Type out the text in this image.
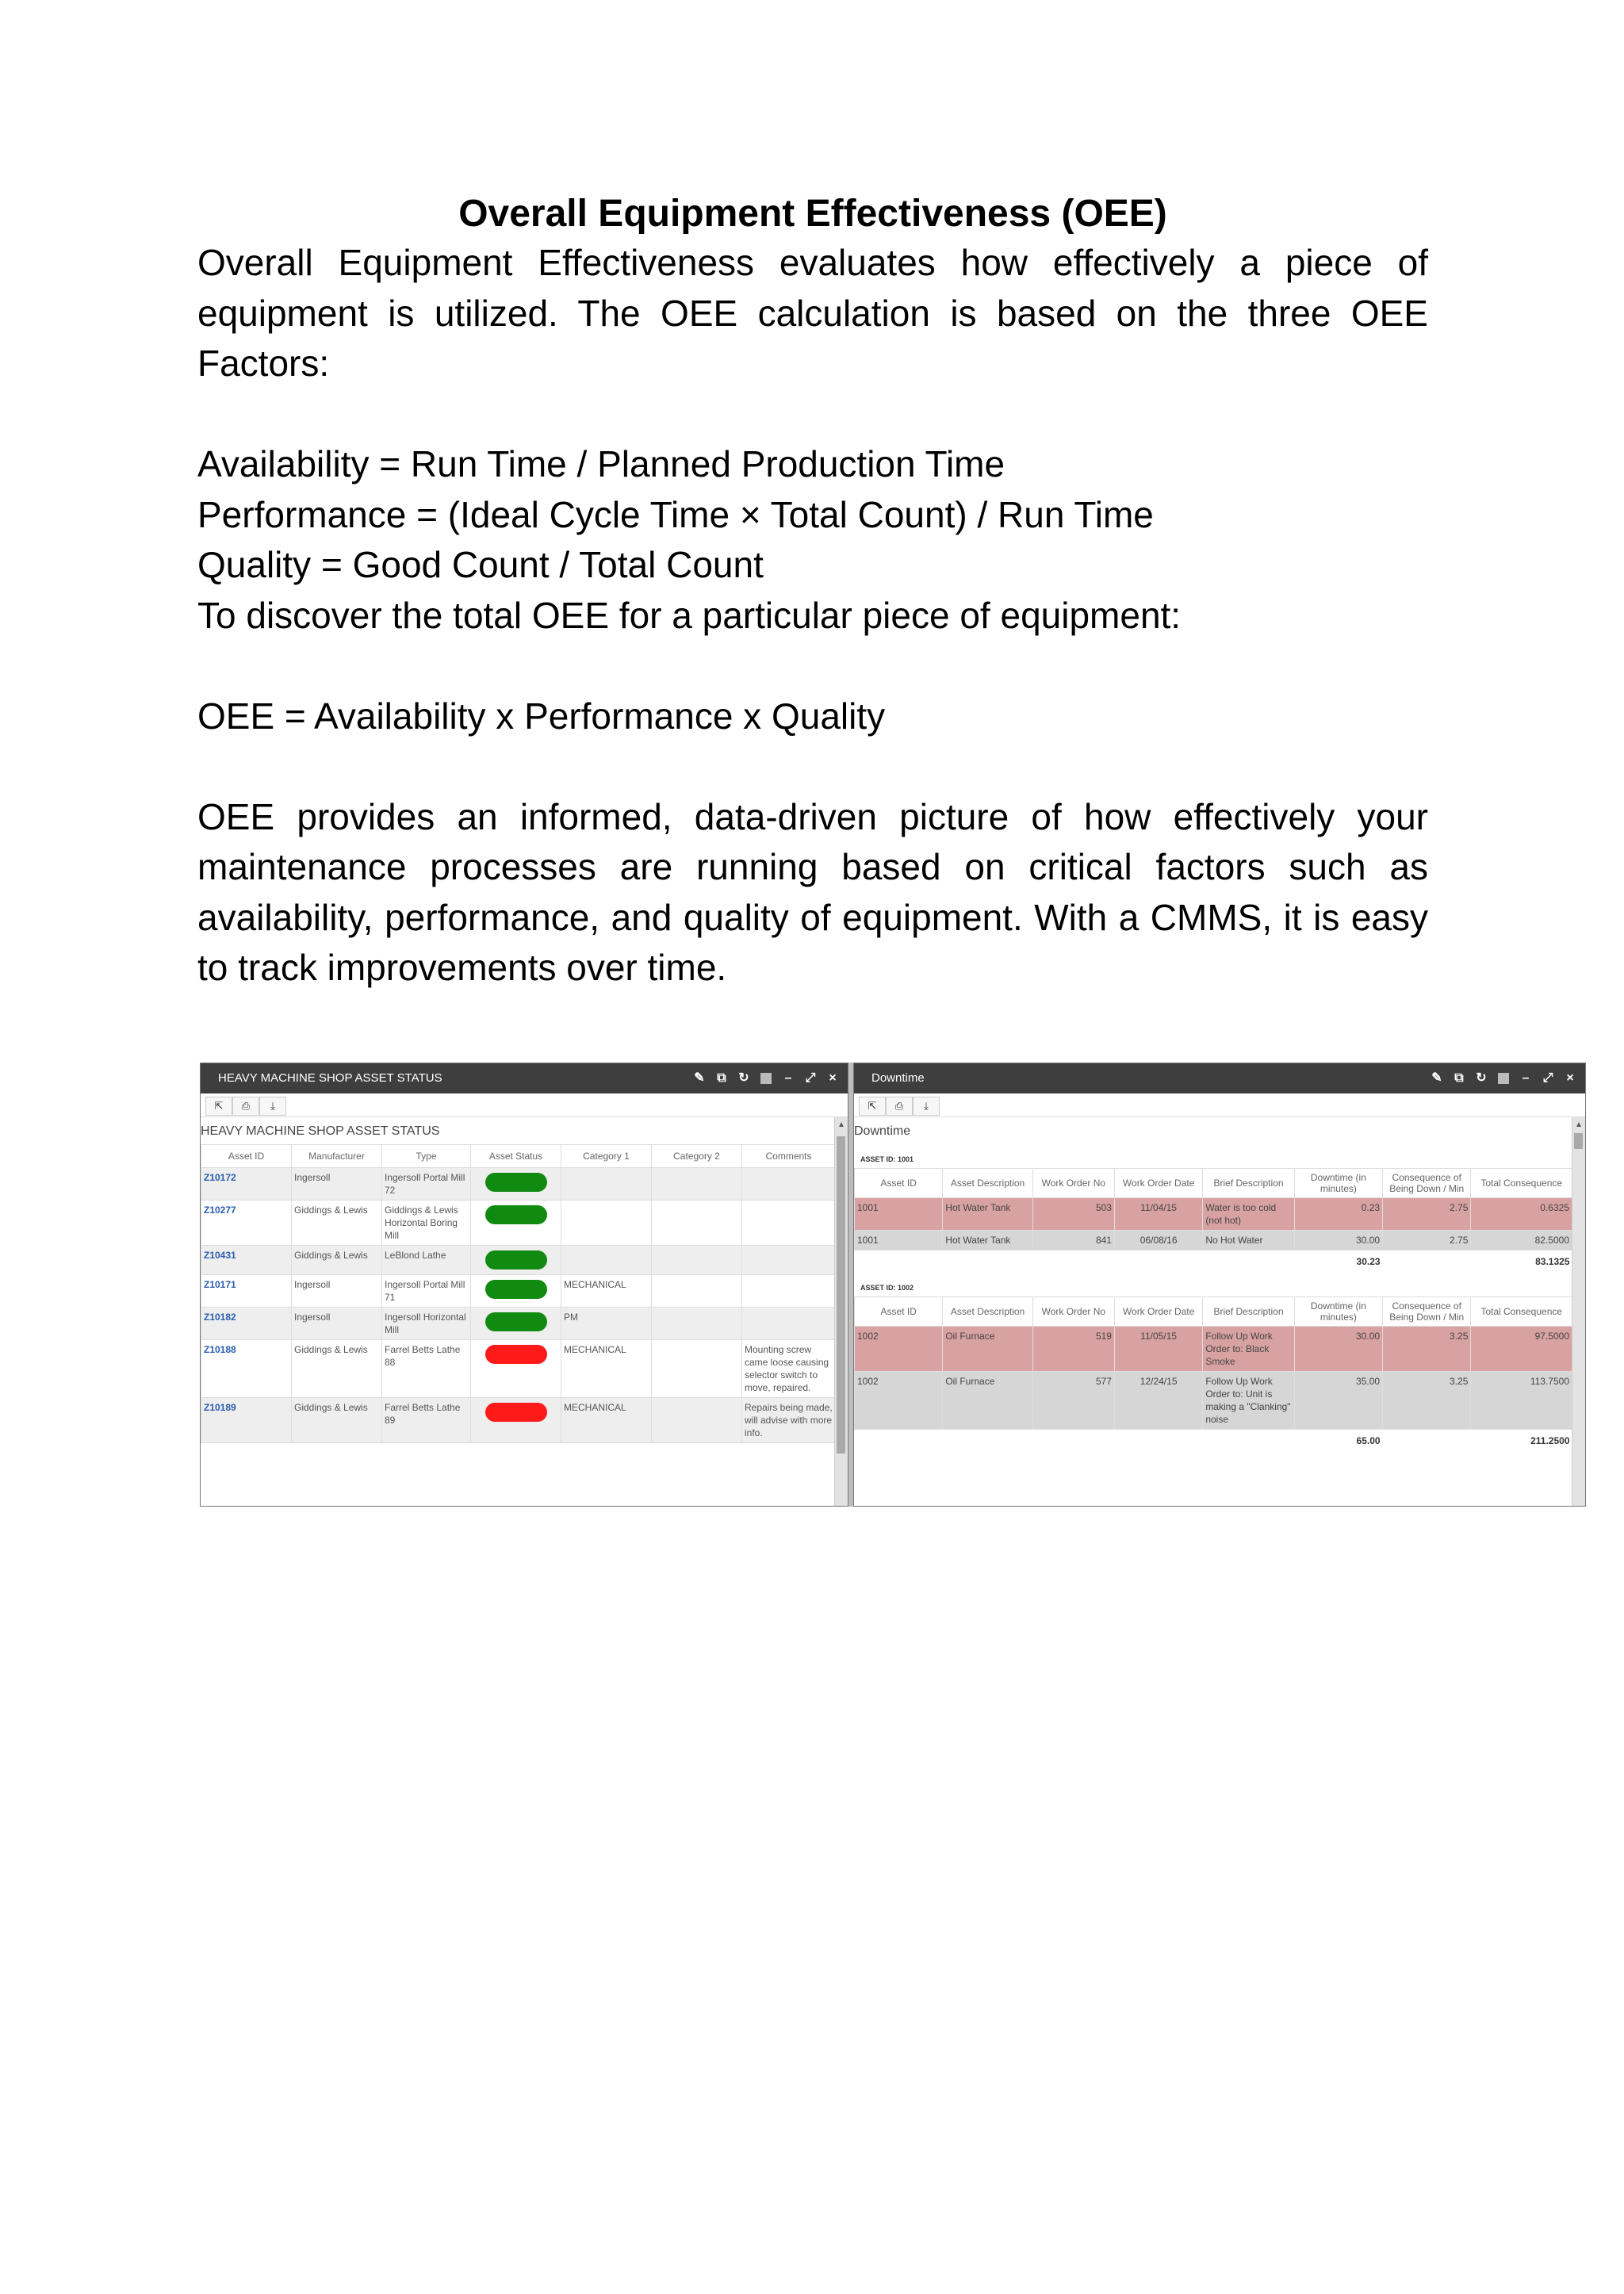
Overall Equipment Effectiveness (OEE)

Overall Equipment Effectiveness evaluates how effectively a piece of equipment is utilized. The OEE calculation is based on the three OEE Factors:

Availability = Run Time / Planned Production Time

Performance = (Ideal Cycle Time × Total Count) / Run Time

Quality = Good Count / Total Count

To discover the total OEE for a particular piece of equipment:

OEE = Availability x Performance x Quality

OEE provides an informed, data-driven picture of how effectively your maintenance processes are running based on critical factors such as availability, performance, and quality of equipment. With a CMMS, it is easy to track improvements over time.

HEAVY MACHINE SHOP ASSET STATUS	✎ ⧉ ↻	– ⤢ ×
⇱	⎙	⤓
HEAVY MACHINE SHOP ASSET STATUS
Asset ID	Manufacturer	Type	Asset Status	Category 1	Category 2	Comments
Z10172	Ingersoll	Ingersoll Portal Mill 72	

Z10277	Giddings & Lewis	Giddings & Lewis Horizontal Boring Mill	

Z10431	Giddings & Lewis	LeBlond Lathe	

Z10171	Ingersoll	Ingersoll Portal Mill 71		MECHANICAL		
Z10182	Ingersoll	Ingersoll Horizontal Mill		PM		
Z10188	Giddings & Lewis	Farrel Betts Lathe 88		MECHANICAL		Mounting screw came loose causing selector switch to move, repaired.
Z10189	Giddings & Lewis	Farrel Betts Lathe 89		MECHANICAL		Repairs being made, will advise with more info.
▲
Downtime	✎ ⧉ ↻	– ⤢ ×
⇱	⎙	⤓
Downtime
ASSET ID: 1001
Asset ID	Asset Description	Work Order No	Work Order Date	Brief Description	Downtime (in minutes)	Consequence of Being Down / Min	Total Consequence
1001	Hot Water Tank	503	11/04/15	Water is too cold (not hot)	0.23	2.75	0.6325
1001	Hot Water Tank	841	06/08/16	No Hot Water	30.00	2.75	82.5000
					30.23		83.1325
ASSET ID: 1002
Asset ID	Asset Description	Work Order No	Work Order Date	Brief Description	Downtime (in minutes)	Consequence of Being Down / Min	Total Consequence
1002	Oil Furnace	519	11/05/15	Follow Up Work Order to: Black Smoke	30.00	3.25	97.5000
1002	Oil Furnace	577	12/24/15	Follow Up Work Order to: Unit is making a "Clanking" noise	35.00	3.25	113.7500
					65.00		211.2500
▲
